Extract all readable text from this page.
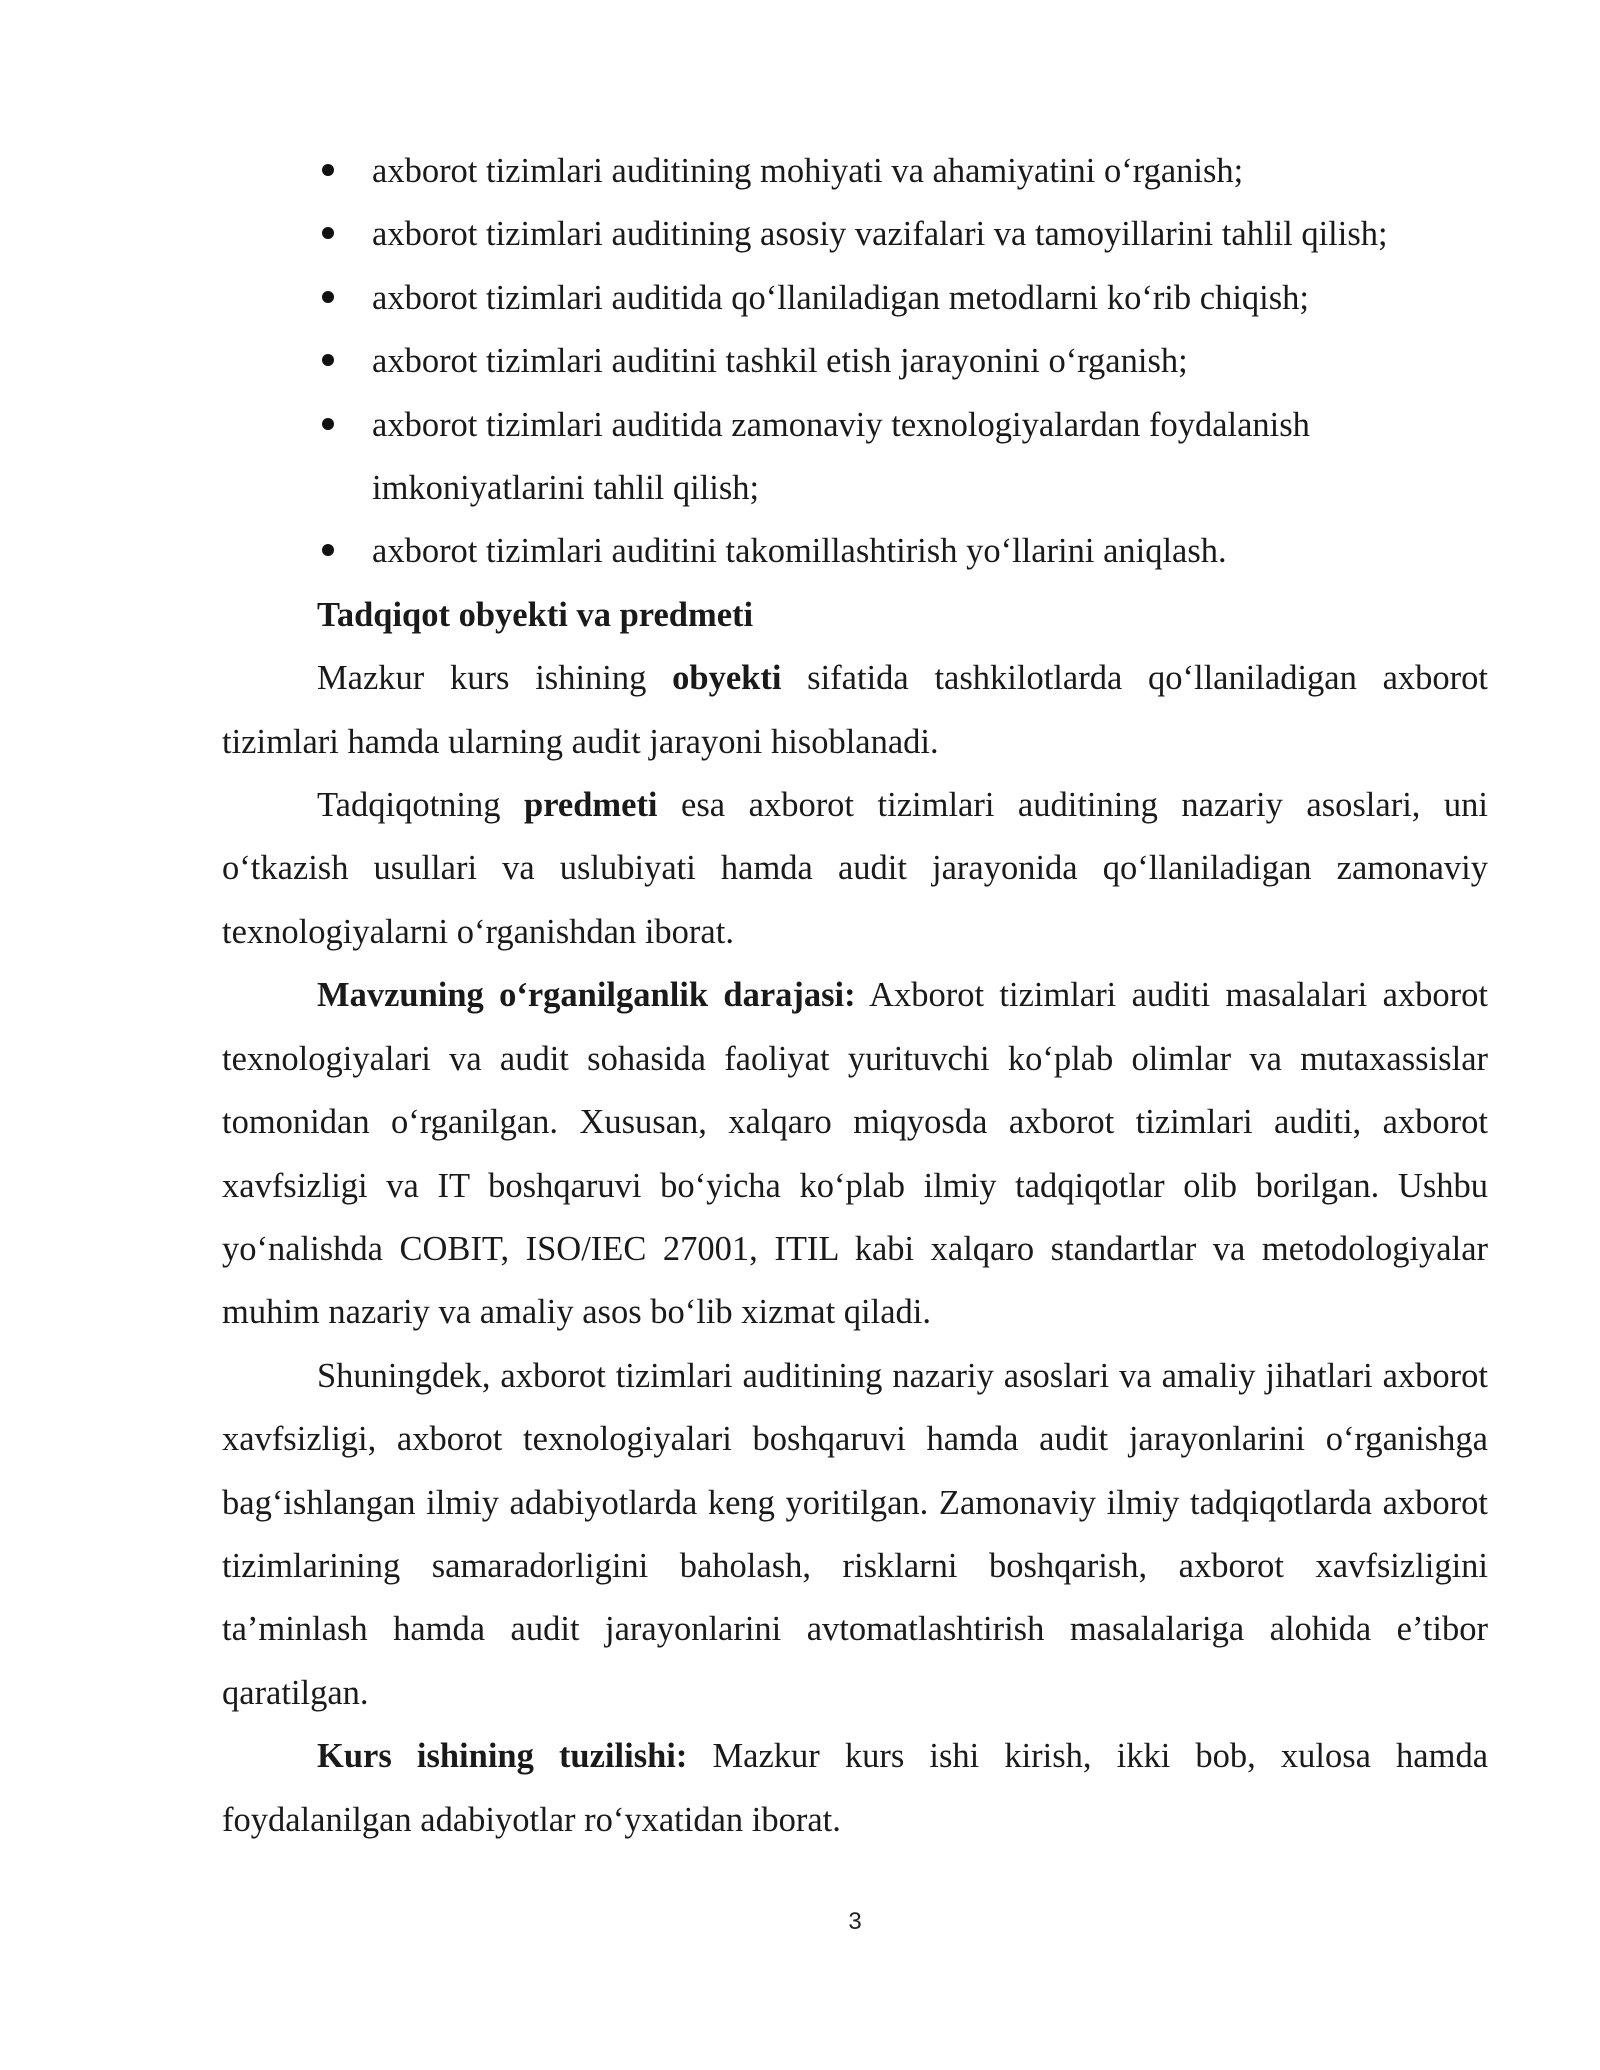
axborot tizimlari auditining mohiyati va ahamiyatini o‘rganish;
axborot tizimlari auditining asosiy vazifalari va tamoyillarini tahlil qilish;
axborot tizimlari auditida qo‘llaniladigan metodlarni ko‘rib chiqish;
axborot tizimlari auditini tashkil etish jarayonini o‘rganish;
axborot tizimlari auditida zamonaviy texnologiyalardan foydalanish imkoniyatlarini tahlil qilish;
axborot tizimlari auditini takomillashtirish yo‘llarini aniqlash.

Tadqiqot obyekti va predmeti

Mazkur kurs ishining obyekti sifatida tashkilotlarda qo‘llaniladigan axborot tizimlari hamda ularning audit jarayoni hisoblanadi.

Tadqiqotning predmeti esa axborot tizimlari auditining nazariy asoslari, uni o‘tkazish usullari va uslubiyati hamda audit jarayonida qo‘llaniladigan zamonaviy texnologiyalarni o‘rganishdan iborat.

Mavzuning o‘rganilganlik darajasi: Axborot tizimlari auditi masalalari axborot texnologiyalari va audit sohasida faoliyat yurituvchi ko‘plab olimlar va mutaxassislar tomonidan o‘rganilgan. Xususan, xalqaro miqyosda axborot tizimlari auditi, axborot xavfsizligi va IT boshqaruvi bo‘yicha ko‘plab ilmiy tadqiqotlar olib borilgan. Ushbu yo‘nalishda COBIT, ISO/IEC 27001, ITIL kabi xalqaro standartlar va metodologiyalar muhim nazariy va amaliy asos bo‘lib xizmat qiladi.

Shuningdek, axborot tizimlari auditining nazariy asoslari va amaliy jihatlari axborot xavfsizligi, axborot texnologiyalari boshqaruvi hamda audit jarayonlarini o‘rganishga bag‘ishlangan ilmiy adabiyotlarda keng yoritilgan. Zamonaviy ilmiy tadqiqotlarda axborot tizimlarining samaradorligini baholash, risklarni boshqarish, axborot xavfsizligini ta’minlash hamda audit jarayonlarini avtomatlashtirish masalalariga alohida e’tibor qaratilgan.

Kurs ishining tuzilishi: Mazkur kurs ishi kirish, ikki bob, xulosa hamda foydalanilgan adabiyotlar ro‘yxatidan iborat.

3
